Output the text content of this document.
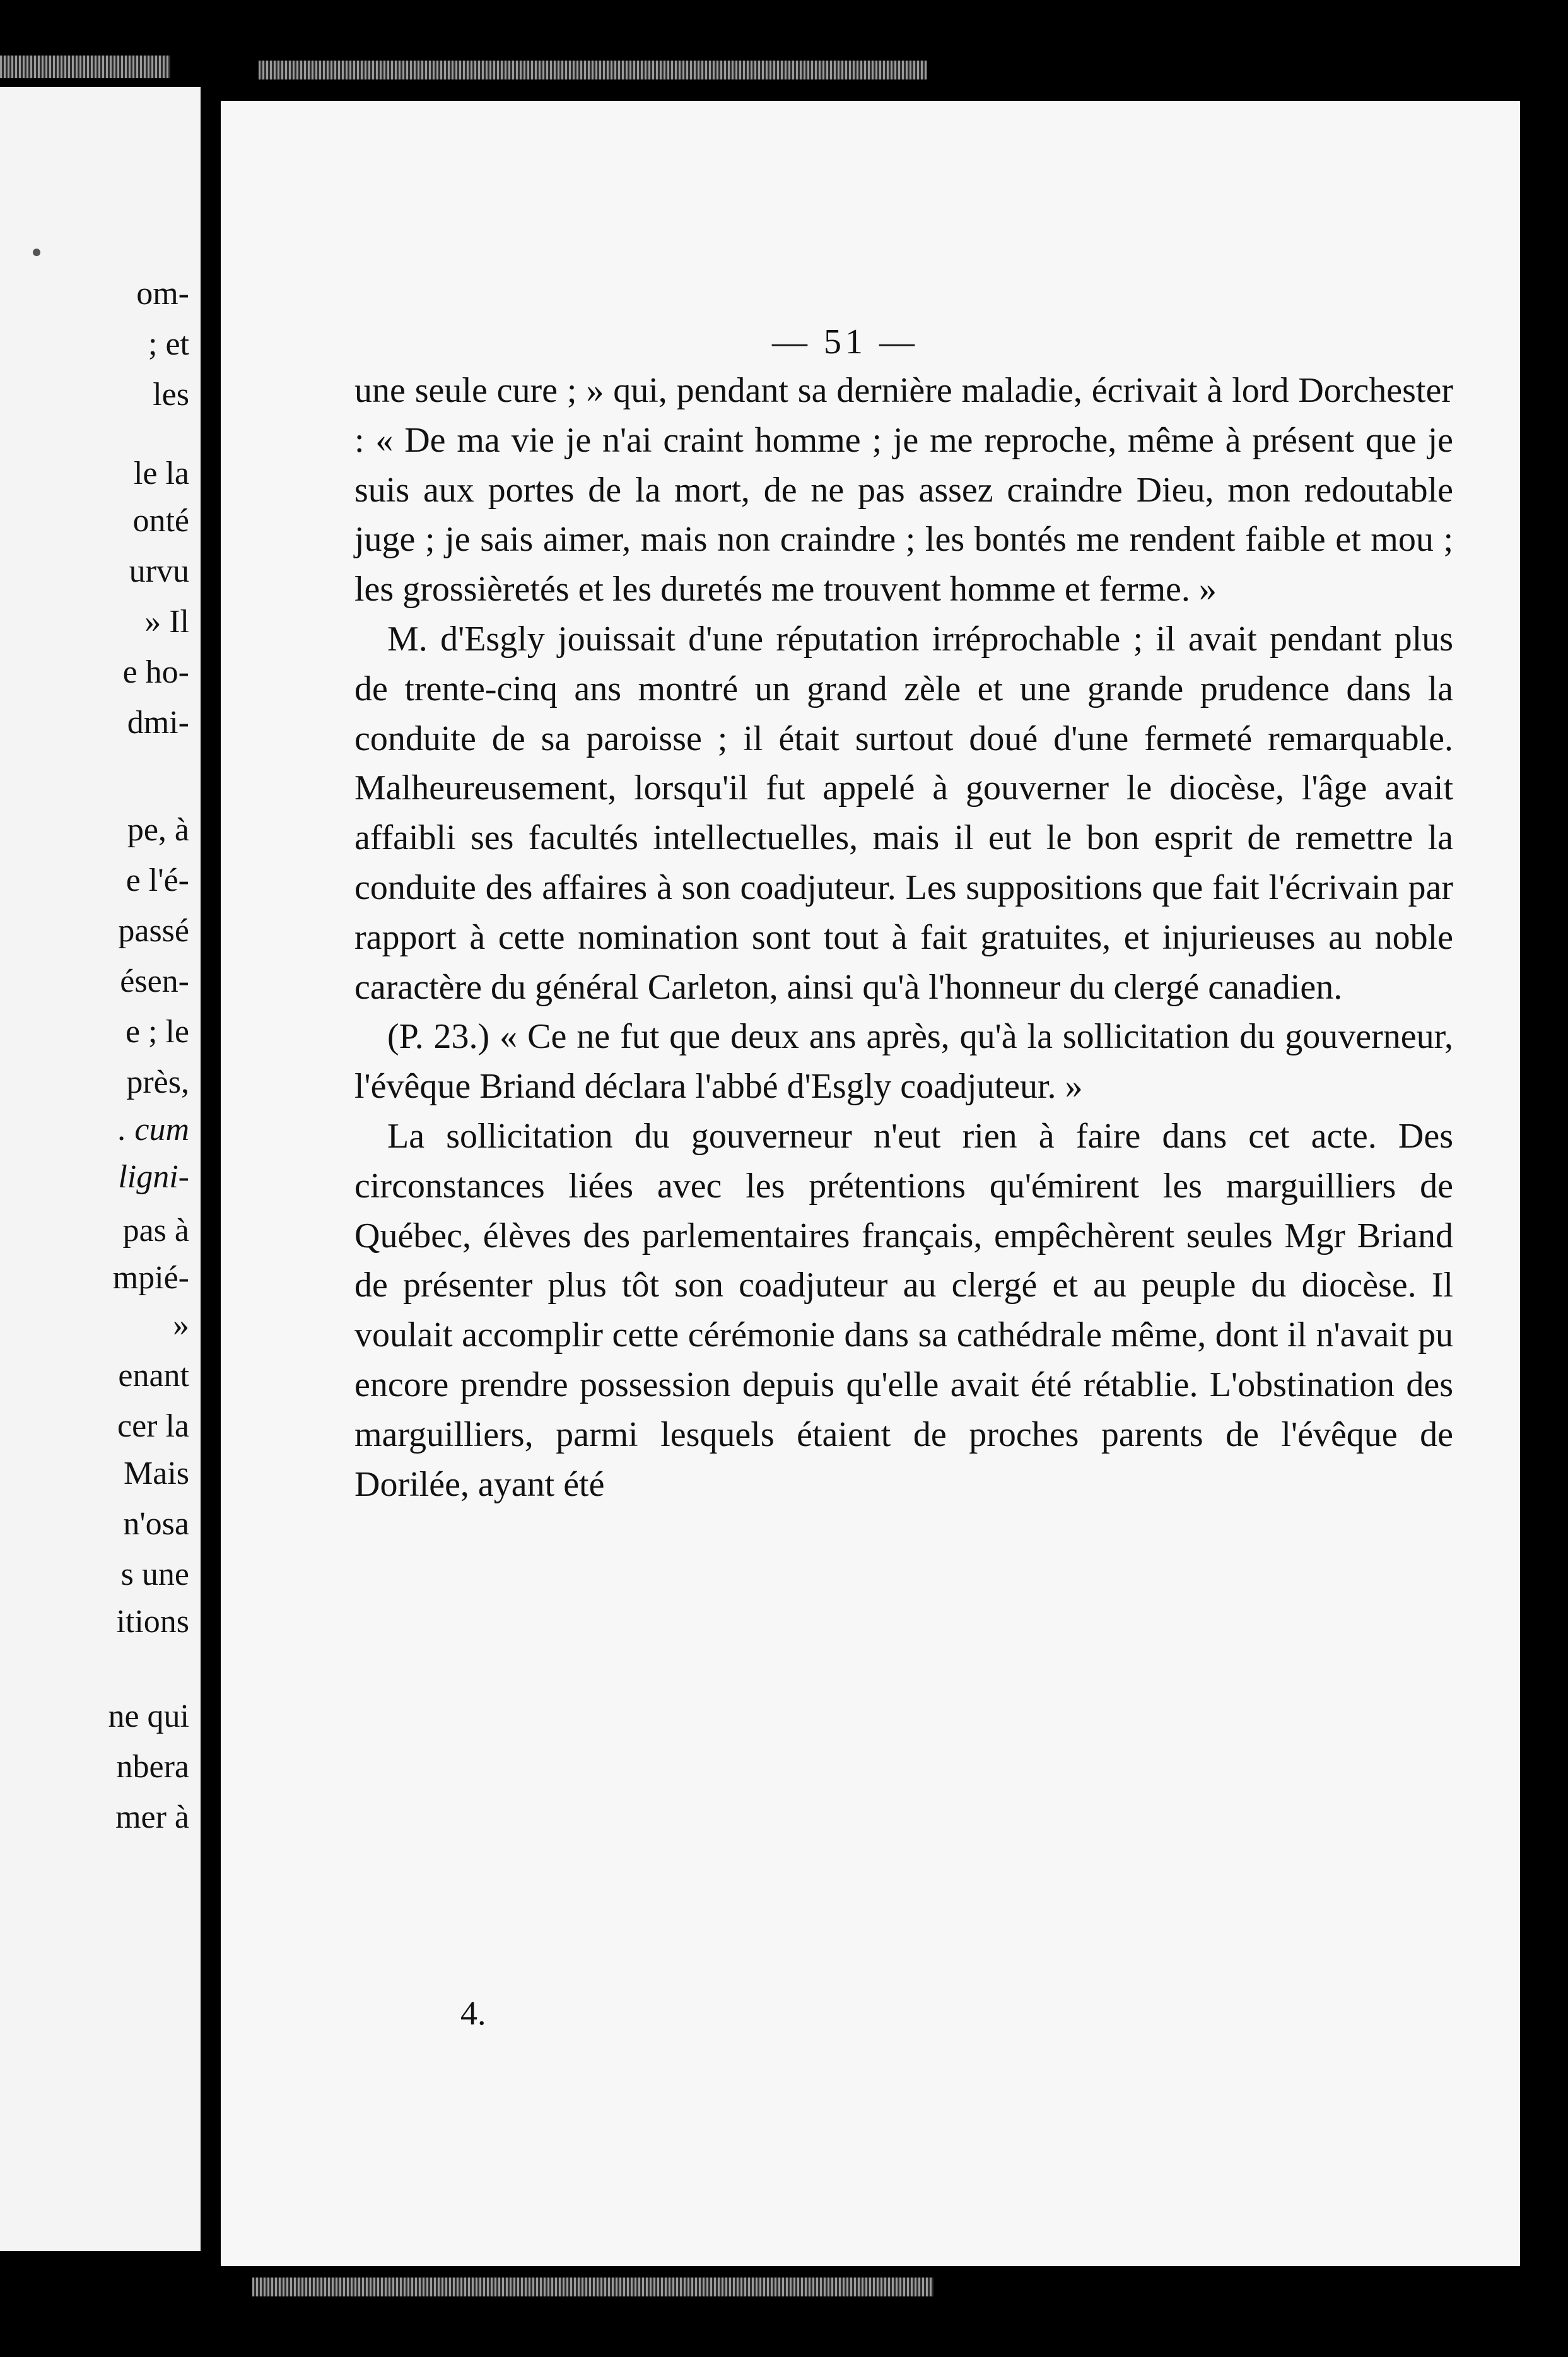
om-
; et
les
le la
onté
urvu
» Il
e ho-
dmi-
pe, à
e l'é-
passé
ésen-
e ; le
près,
. cum
ligni-
pas à
mpié-
»
enant
cer la
Mais
n'osa
s une
itions
ne qui
nbera
mer à
— 51 —

une seule cure ; » qui, pendant sa dernière maladie, écrivait à lord Dorchester : « De ma vie je n'ai craint homme ; je me reproche, même à présent que je suis aux portes de la mort, de ne pas assez craindre Dieu, mon redoutable juge ; je sais aimer, mais non craindre ; les bontés me rendent faible et mou ; les grossièretés et les duretés me trouvent homme et ferme. »

M. d'Esgly jouissait d'une réputation irréprochable ; il avait pendant plus de trente-cinq ans montré un grand zèle et une grande prudence dans la conduite de sa paroisse ; il était surtout doué d'une fermeté remarquable. Malheureusement, lorsqu'il fut appelé à gouverner le diocèse, l'âge avait affaibli ses facultés intellectuelles, mais il eut le bon esprit de remettre la conduite des affaires à son coadjuteur. Les suppositions que fait l'écrivain par rapport à cette nomination sont tout à fait gratuites, et injurieuses au noble caractère du général Carleton, ainsi qu'à l'honneur du clergé canadien.

(P. 23.) « Ce ne fut que deux ans après, qu'à la sollicitation du gouverneur, l'évêque Briand déclara l'abbé d'Esgly coadjuteur. »

La sollicitation du gouverneur n'eut rien à faire dans cet acte. Des circonstances liées avec les prétentions qu'émirent les marguilliers de Québec, élèves des parlementaires français, empêchèrent seules Mgr Briand de présenter plus tôt son coadjuteur au clergé et au peuple du diocèse. Il voulait accomplir cette cérémonie dans sa cathédrale même, dont il n'avait pu encore prendre possession depuis qu'elle avait été rétablie. L'obstination des marguilliers, parmi lesquels étaient de proches parents de l'évêque de Dorilée, ayant été

4.
